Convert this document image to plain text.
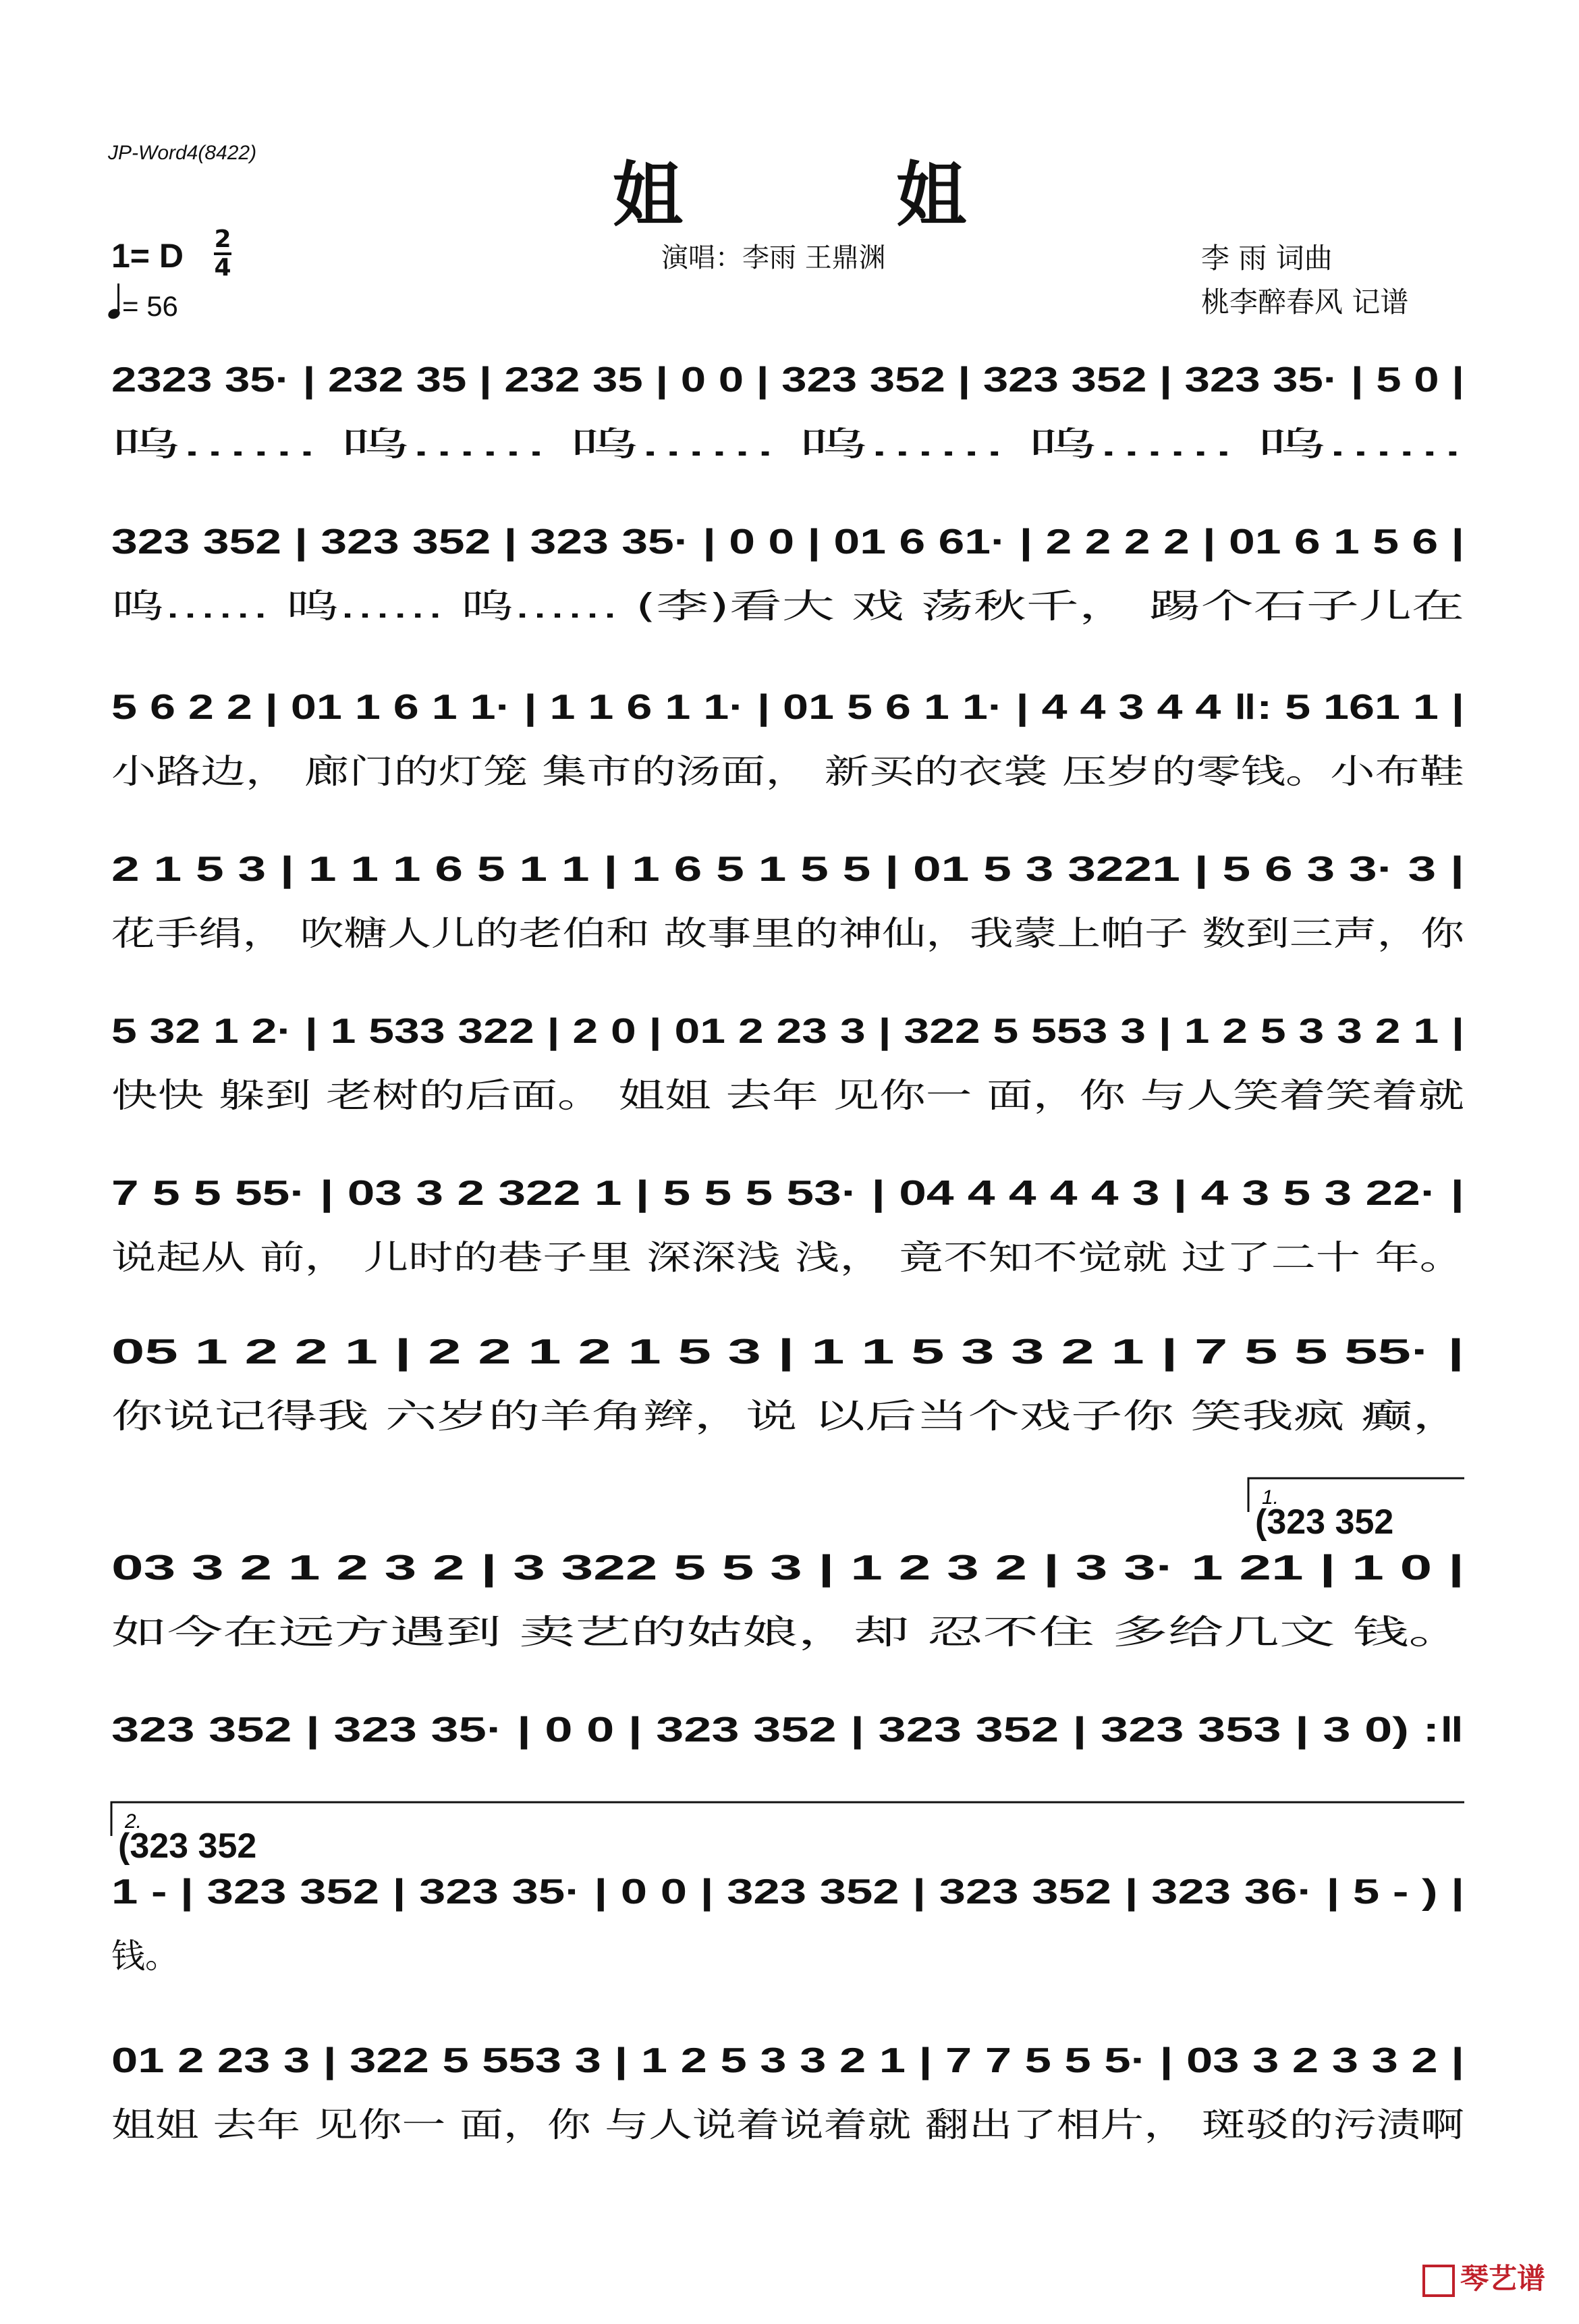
JP-Word4(8422)
姐 姐
演唱：李雨 王鼎渊
1= D 2
4
= 56
李 雨 词曲
桃李醉春风 记谱
2323 35· | 232 35 | 232 35 | 0 0 | 323 352 | 323 352 | 323 35· | 5 0 |
呜…… 呜…… 呜…… 呜…… 呜…… 呜……
323 352 | 323 352 | 323 35· | 0 0 | 01 6 61· | 2 2 2 2 | 01 6 1 5 6 |
呜…… 呜…… 呜…… (李)看大 戏 荡秋千， 踢个石子儿在
5 6 2 2 | 01 1 6 1 1· | 1 1 6 1 1· | 01 5 6 1 1· | 4 4 3 4 4 ‖: 5 161 1 |
小路边， 廊门的灯笼 集市的汤面， 新买的衣裳 压岁的零钱。小布鞋
2 1 5 3 | 1 1 1 6 5 1 1 | 1 6 5 1 5 5 | 01 5 3 3221 | 5 6 3 3· 3 |
花手绢， 吹糖人儿的老伯和 故事里的神仙，我蒙上帕子 数到三声，你
5 32 1 2· | 1 533 322 | 2 0 | 01 2 23 3 | 322 5 553 3 | 1 2 5 3 3 2 1 |
快快 躲到 老树的后面。 姐姐 去年 见你一 面，你 与人笑着笑着就
7 5 5 55· | 03 3 2 322 1 | 5 5 5 53· | 04 4 4 4 4 3 | 4 3 5 3 22· |
说起从 前， 儿时的巷子里 深深浅 浅， 竟不知不觉就 过了二十 年。
05 1 2 2 1 | 2 2 1 2 1 5 3 | 1 1 5 3 3 2 1 | 7 5 5 55· |
你说记得我 六岁的羊角辫，说 以后当个戏子你 笑我疯 癫，
1.
(323 352
03 3 2 1 2 3 2 | 3 322 5 5 3 | 1 2 3 2 | 3 3· 1 21 | 1 0 |
如今在远方遇到 卖艺的姑娘，却 忍不住 多给几文 钱。
323 352 | 323 35· | 0 0 | 323 352 | 323 352 | 323 353 | 3 0) :‖
2.
(323 352
1 - | 323 352 | 323 35· | 0 0 | 323 352 | 323 352 | 323 36· | 5 - ) |
钱。
01 2 23 3 | 322 5 553 3 | 1 2 5 3 3 2 1 | 7 7 5 5 5· | 03 3 2 3 3 2 |
姐姐 去年 见你一 面，你 与人说着说着就 翻出了相片， 斑驳的污渍啊
琴艺谱
